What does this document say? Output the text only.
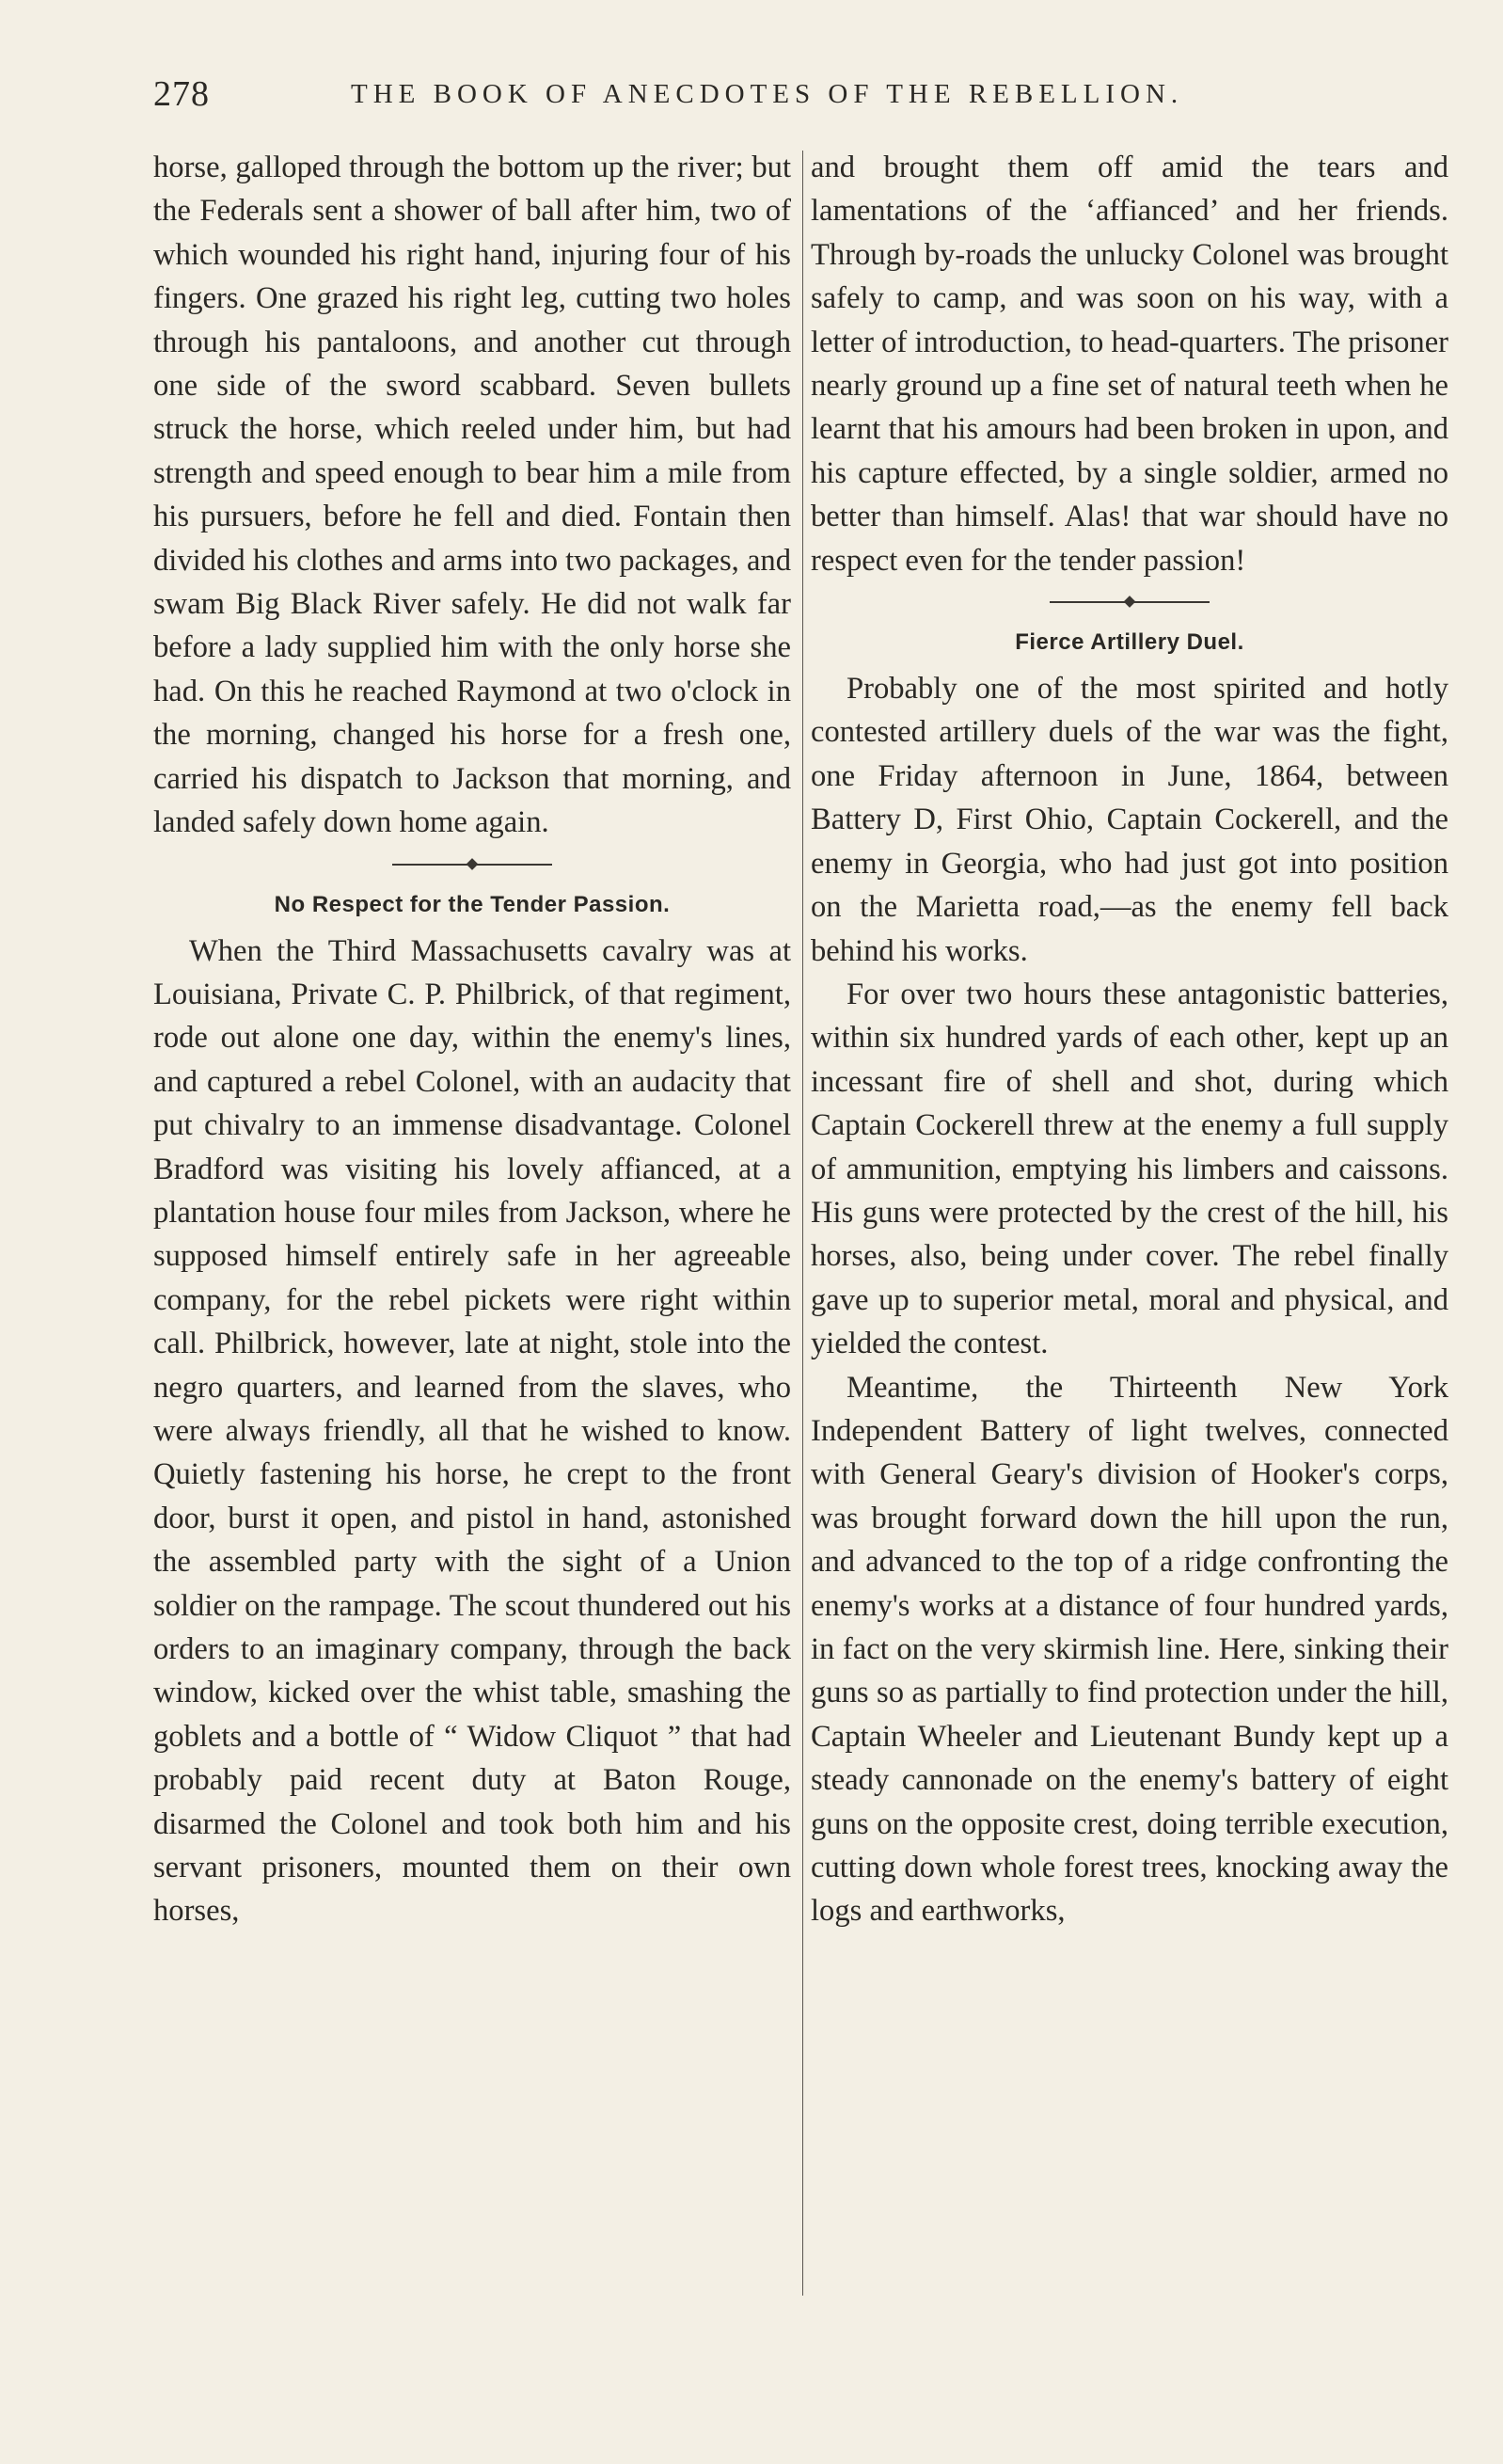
278	THE BOOK OF ANECDOTES OF THE REBELLION.

horse, galloped through the bottom up the river; but the Federals sent a shower of ball after him, two of which wounded his right hand, injuring four of his fingers. One grazed his right leg, cutting two holes through his pantaloons, and another cut through one side of the sword scabbard. Seven bullets struck the horse, which reeled under him, but had strength and speed enough to bear him a mile from his pursuers, before he fell and died. Fontain then divided his clothes and arms into two packages, and swam Big Black River safely. He did not walk far before a lady supplied him with the only horse she had. On this he reached Raymond at two o'clock in the morning, changed his horse for a fresh one, carried his dispatch to Jackson that morning, and landed safely down home again.

No Respect for the Tender Passion.

When the Third Massachusetts cavalry was at Louisiana, Private C. P. Philbrick, of that regiment, rode out alone one day, within the enemy's lines, and captured a rebel Colonel, with an audacity that put chivalry to an immense disadvantage. Colonel Bradford was visiting his lovely affianced, at a plantation house four miles from Jackson, where he supposed himself entirely safe in her agreeable company, for the rebel pickets were right within call. Philbrick, however, late at night, stole into the negro quarters, and learned from the slaves, who were always friendly, all that he wished to know. Quietly fastening his horse, he crept to the front door, burst it open, and pistol in hand, astonished the assembled party with the sight of a Union soldier on the rampage. The scout thundered out his orders to an imaginary company, through the back window, kicked over the whist table, smashing the goblets and a bottle of “ Widow Cliquot ” that had probably paid recent duty at Baton Rouge, disarmed the Colonel and took both him and his servant prisoners, mounted them on their own horses,

and brought them off amid the tears and lamentations of the ‘affianced’ and her friends. Through by-roads the unlucky Colonel was brought safely to camp, and was soon on his way, with a letter of introduction, to head-quarters. The prisoner nearly ground up a fine set of natural teeth when he learnt that his amours had been broken in upon, and his capture effected, by a single soldier, armed no better than himself. Alas! that war should have no respect even for the tender passion!

Fierce Artillery Duel.

Probably one of the most spirited and hotly contested artillery duels of the war was the fight, one Friday afternoon in June, 1864, between Battery D, First Ohio, Captain Cockerell, and the enemy in Georgia, who had just got into position on the Marietta road,—as the enemy fell back behind his works.

For over two hours these antagonistic batteries, within six hundred yards of each other, kept up an incessant fire of shell and shot, during which Captain Cockerell threw at the enemy a full supply of ammunition, emptying his limbers and caissons. His guns were protected by the crest of the hill, his horses, also, being under cover. The rebel finally gave up to superior metal, moral and physical, and yielded the contest.

Meantime, the Thirteenth New York Independent Battery of light twelves, connected with General Geary's division of Hooker's corps, was brought forward down the hill upon the run, and advanced to the top of a ridge confronting the enemy's works at a distance of four hundred yards, in fact on the very skirmish line. Here, sinking their guns so as partially to find protection under the hill, Captain Wheeler and Lieutenant Bundy kept up a steady cannonade on the enemy's battery of eight guns on the opposite crest, doing terrible execution, cutting down whole forest trees, knocking away the logs and earthworks,
